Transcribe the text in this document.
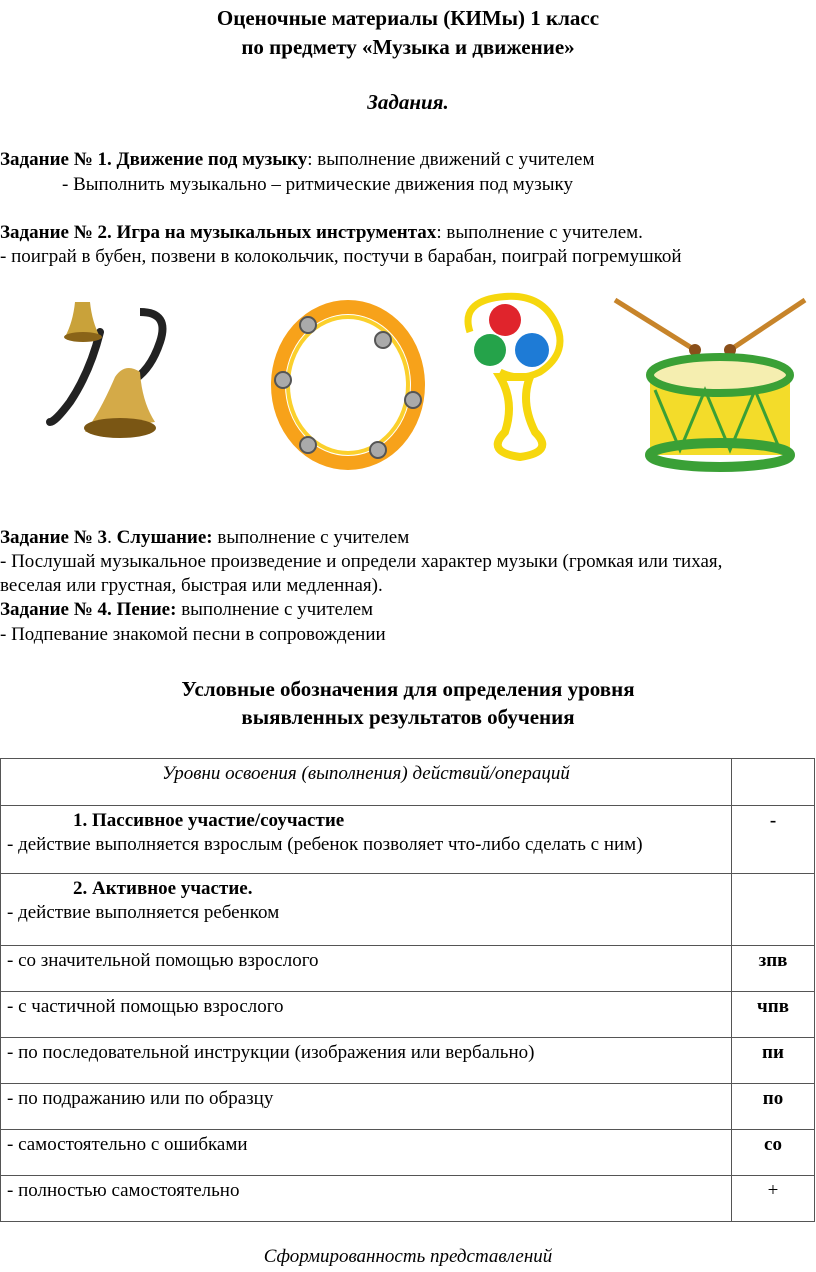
Оценочные материалы (КИМы) 1 класс
по предмету «Музыка и движение»
Задания.
Задание № 1. Движение под музыку: выполнение движений с учителем
- Выполнить музыкально – ритмические движения под музыку
Задание № 2. Игра на музыкальных инструментах: выполнение с учителем.
- поиграй в бубен, позвени в колокольчик, постучи в барабан, поиграй погремушкой
Задание № 3. Слушание: выполнение с учителем
- Послушай музыкальное произведение и определи характер музыки (громкая или тихая,
веселая или грустная, быстрая или медленная).
Задание № 4. Пение: выполнение с учителем
- Подпевание знакомой песни в сопровождении
Условные обозначения для определения уровня
выявленных результатов обучения
Уровни освоения (выполнения) действий/операций	

1. Пассивное участие/соучастие
- действие выполняется взрослым (ребенок позволяет что-либо сделать с ним)	-

2. Активное участие.
- действие выполняется ребенком	

- со значительной помощью взрослого	зпв
- с частичной помощью взрослого	чпв
- по последовательной инструкции (изображения или вербально)	пи
- по подражанию или по образцу	по
- самостоятельно с ошибками	со
- полностью самостоятельно	+
Сформированность представлений
